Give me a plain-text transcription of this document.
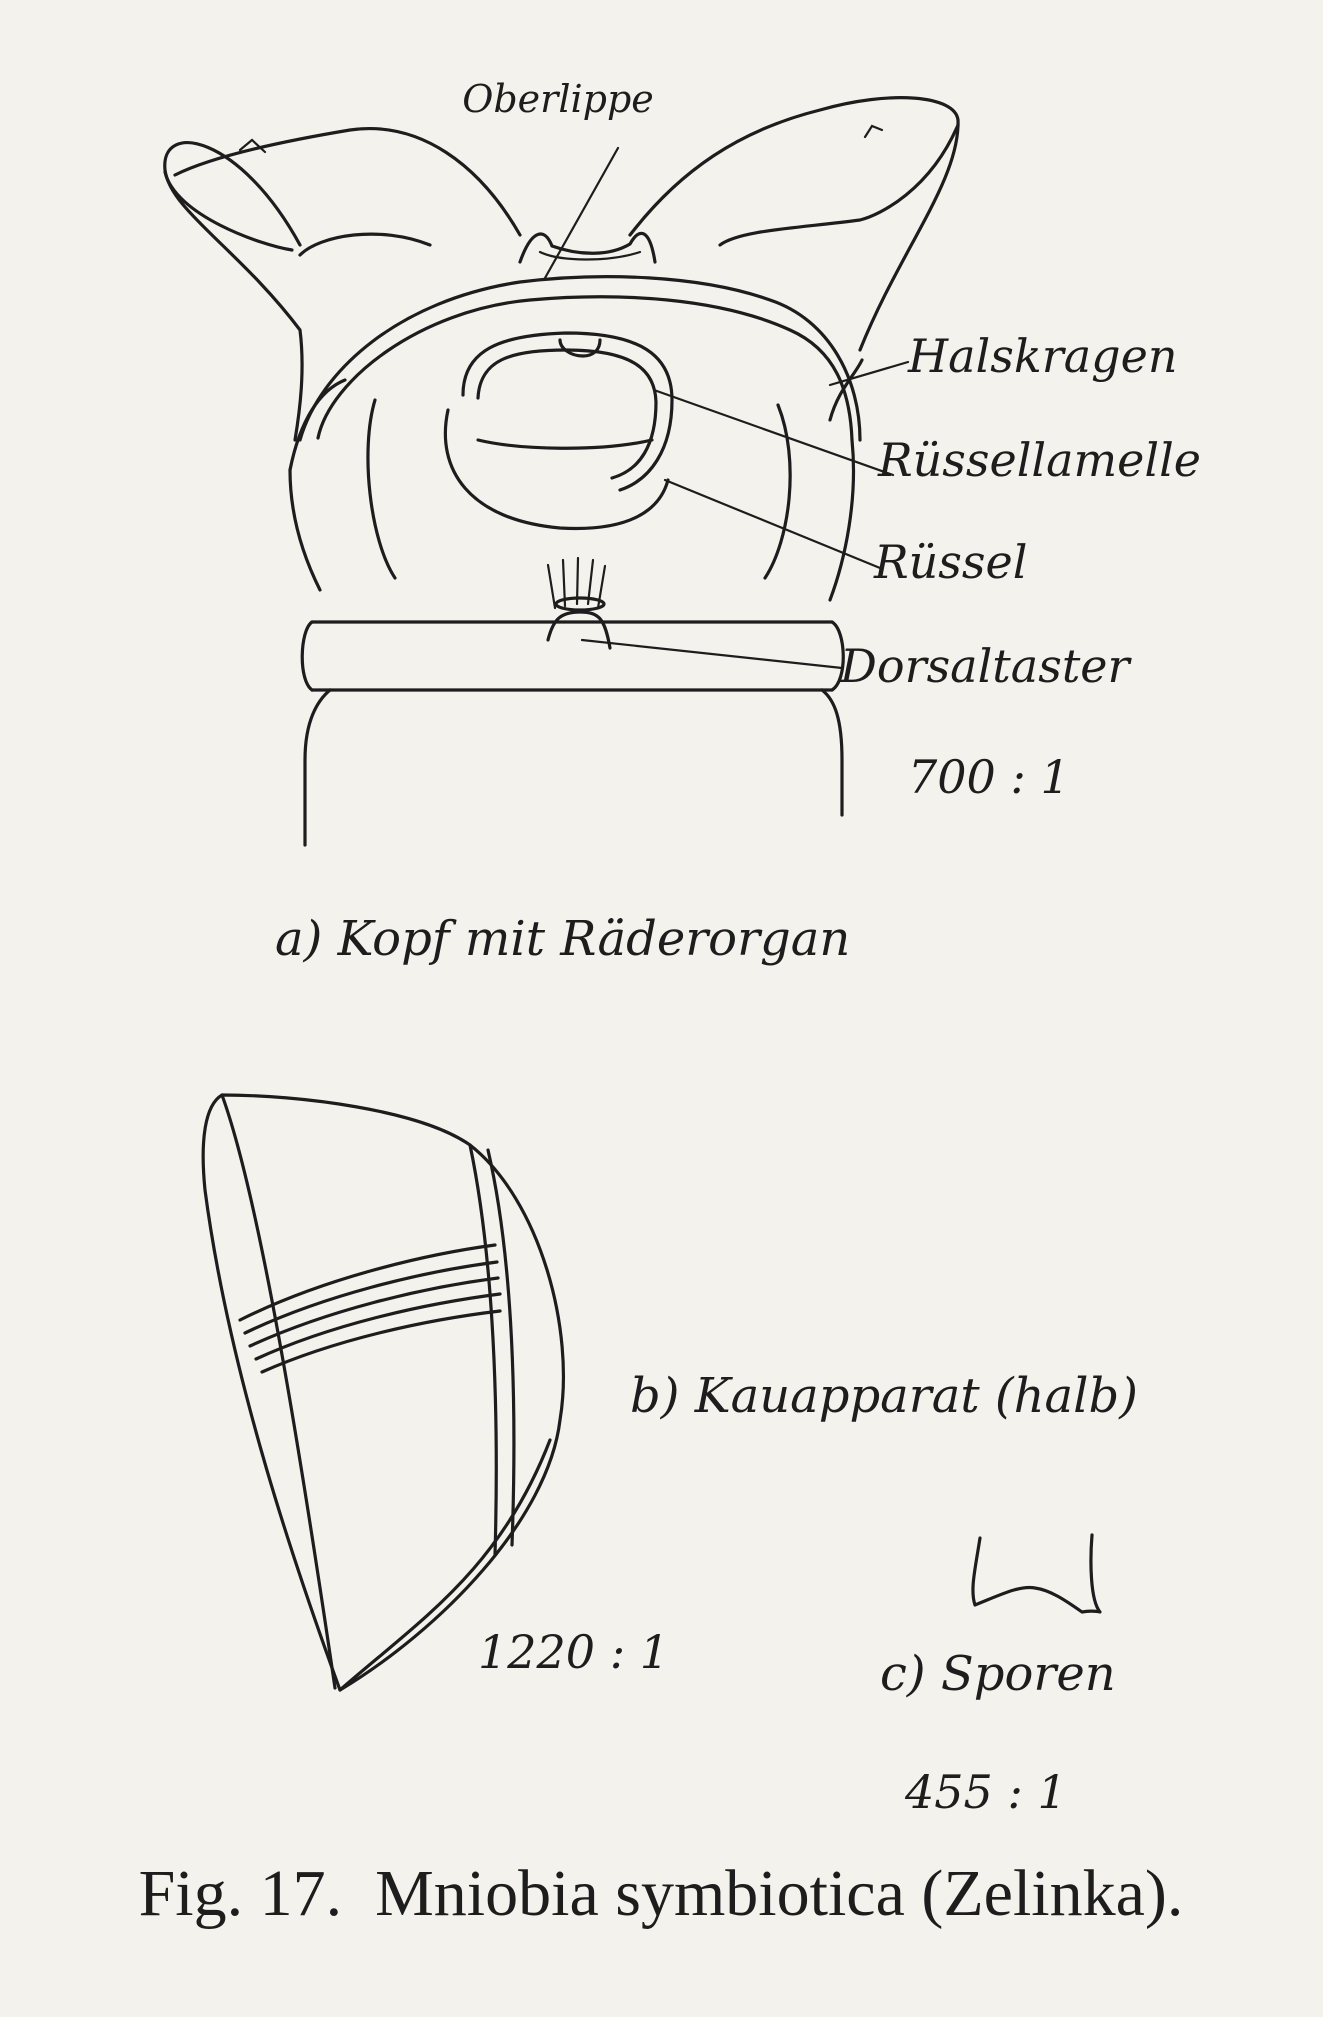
Oberlippe
Halskragen
Rüssellamelle
Rüssel
Dorsaltaster
700 : 1
a) Kopf mit Räderorgan
b) Kauapparat (halb)
1220 : 1	c) Sporen
455 : 1
Fig. 17.  Mniobia symbiotica (Zelinka).
